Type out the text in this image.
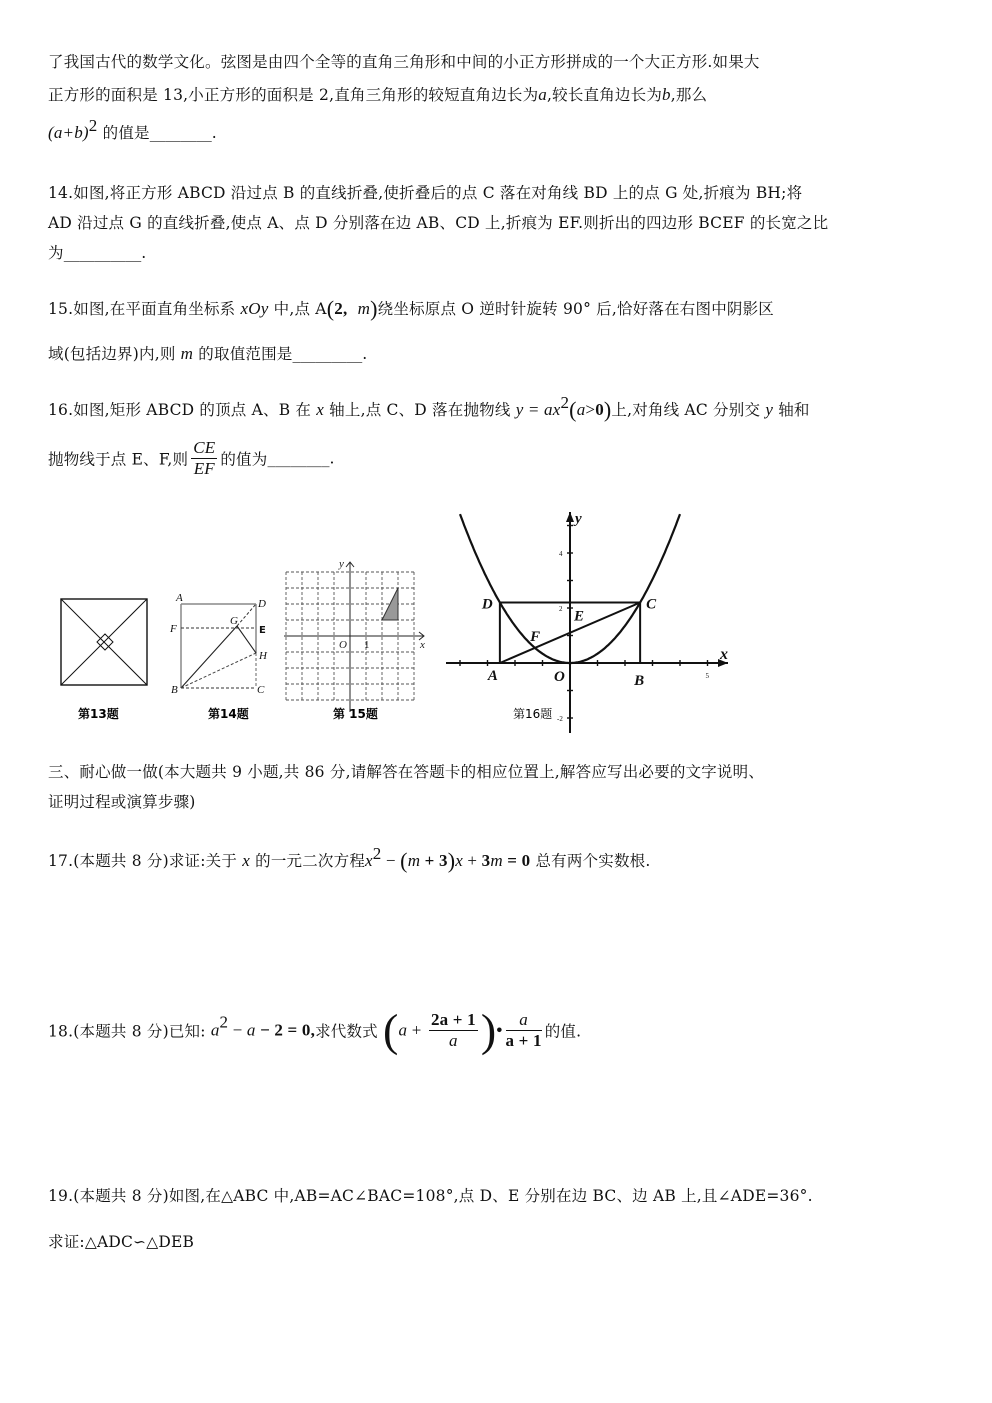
了我国古代的数学文化。弦图是由四个全等的直角三角形和中间的小正方形拼成的一个大正方形.如果大
正方形的面积是 13,小正方形的面积是 2,直角三角形的较短直角边长为a,较长直角边长为b,那么
$(a+b)^2$ 的值是________.
14.如图,将正方形 ABCD 沿过点 B 的直线折叠,使折叠后的点 C 落在对角线 BD 上的点 G 处,折痕为 BH;将
AD 沿过点 G 的直线折叠,使点 A、点 D 分别落在边 AB、CD 上,折痕为 EF.则折出的四边形 BCEF 的长宽之比
为__________.
15.如图,在平面直角坐标系 xOy 中,点 A(2, m)绕坐标原点 O 逆时针旋转 90° 后,恰好落在右图中阴影区
域(包括边界)内,则 m 的取值范围是_________.
16.如图,矩形 ABCD 的顶点 A、B 在 x 轴上,点 C、D 落在抛物线 $y = ax^2(a>0)$上,对角线 AC 分别交 y 轴和
抛物线于点 E、F,则 $\frac{CE}{EF}$ 的值为________.
第13题
A	D
F
G
E
H
B	C
第14题
x
y
O 1
第 15题
D	C
A	B
E
F
O
x
y
4
2
-2
5
第16题
三、耐心做一做(本大题共 9 小题,共 86 分,请解答在答题卡的相应位置上,解答应写出必要的文字说明、
证明过程或演算步骤)
17.(本题共 8 分)求证:关于 x 的一元二次方程$x^2 - (m + 3)x + 3m = 0$ 总有两个实数根.
18.(本题共 8 分)已知: $a^2 - a - 2 = 0$,求代数式 ($a + \frac{2a + 1}{a}$ )• $\frac{a}{a + 1}$ 的值.
19.(本题共 8 分)如图,在△ABC 中,AB=AC∠BAC=108°,点 D、E 分别在边 BC、边 AB 上,且∠ADE=36°.
求证:△ADC∽△DEB
